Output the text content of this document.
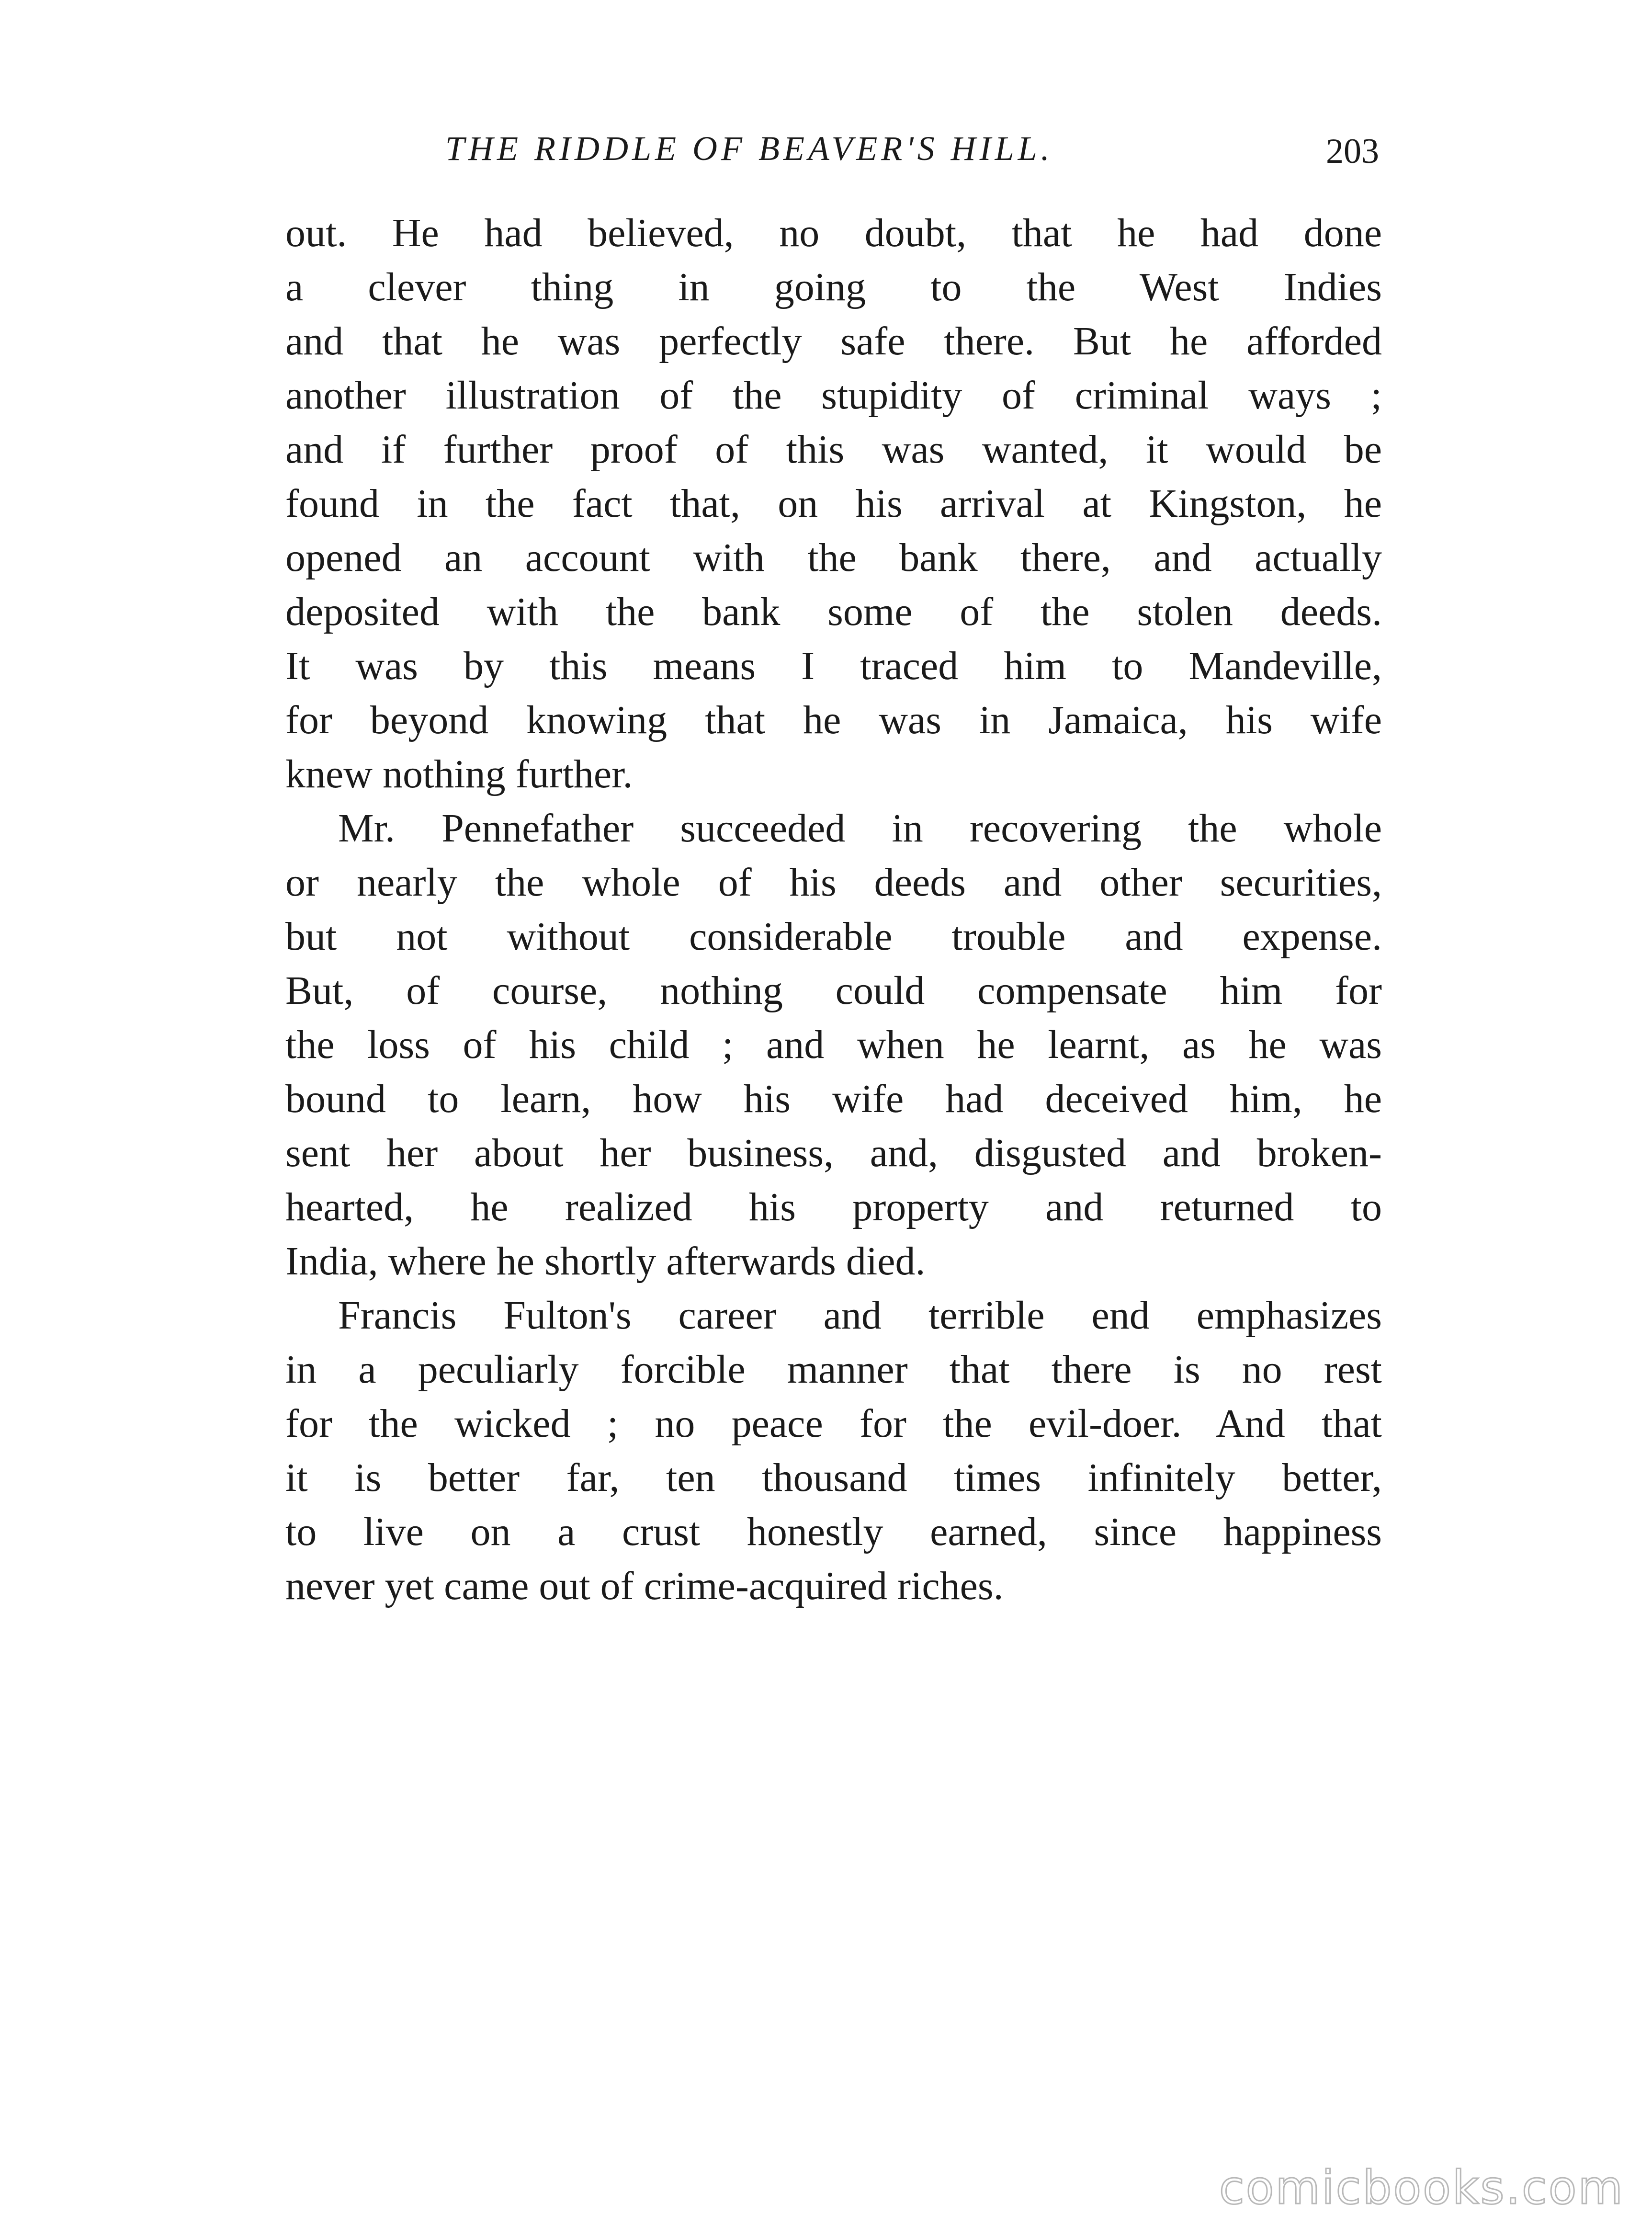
THE RIDDLE OF BEAVER'S HILL.	203
out. He had believed, no doubt, that he had done
a clever thing in going to the West Indies
and that he was perfectly safe there. But he afforded
another illustration of the stupidity of criminal ways ;
and if further proof of this was wanted, it would be
found in the fact that, on his arrival at Kingston, he
opened an account with the bank there, and actually
deposited with the bank some of the stolen deeds.
It was by this means I traced him to Mandeville,
for beyond knowing that he was in Jamaica, his wife
knew nothing further.
Mr. Pennefather succeeded in recovering the whole
or nearly the whole of his deeds and other securities,
but not without considerable trouble and expense.
But, of course, nothing could compensate him for
the loss of his child ; and when he learnt, as he was
bound to learn, how his wife had deceived him, he
sent her about her business, and, disgusted and broken-
hearted, he realized his property and returned to
India, where he shortly afterwards died.
Francis Fulton's career and terrible end emphasizes
in a peculiarly forcible manner that there is no rest
for the wicked ; no peace for the evil-doer. And that
it is better far, ten thousand times infinitely better,
to live on a crust honestly earned, since happiness
never yet came out of crime-acquired riches.
comicbooks.com
